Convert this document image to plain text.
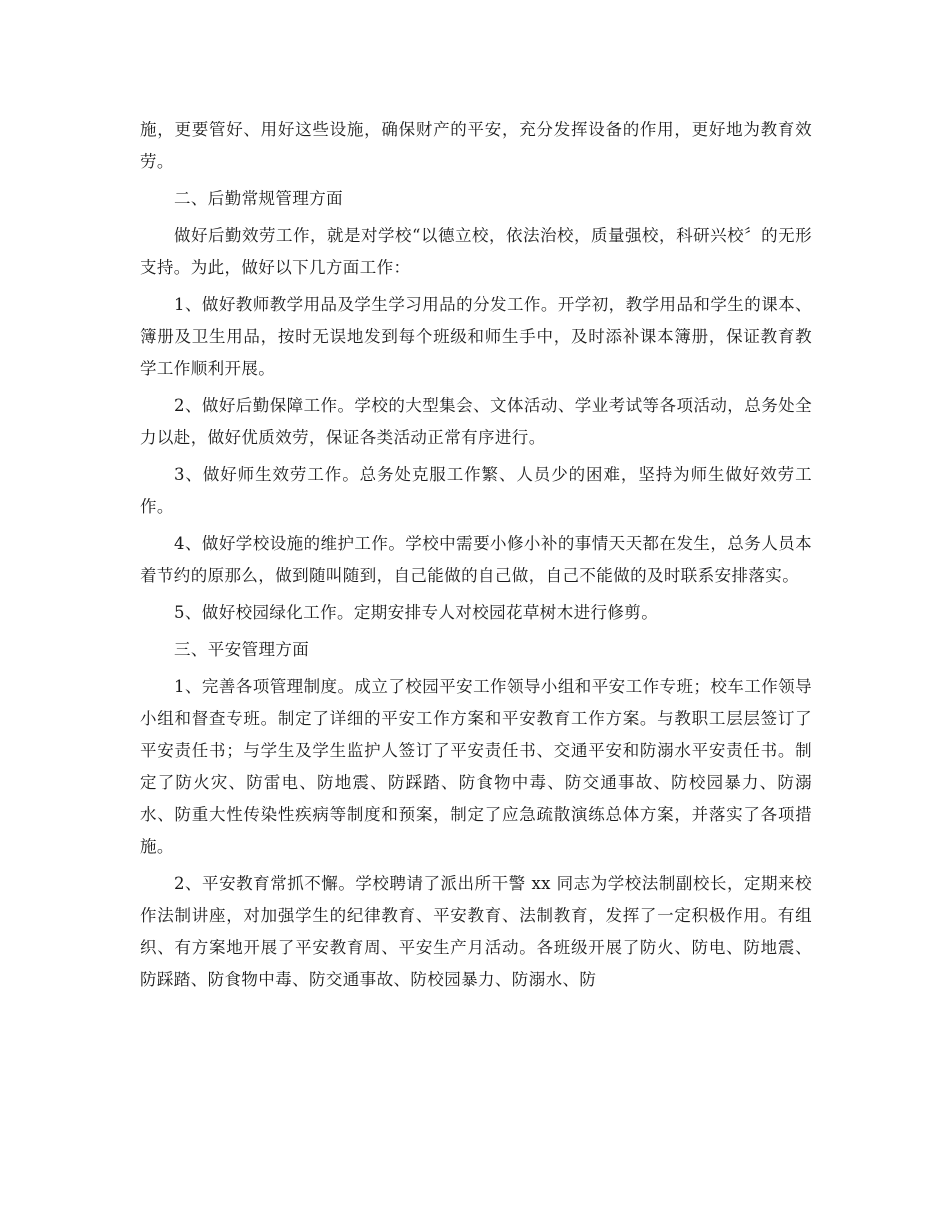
施，更要管好、用好这些设施，确保财产的平安，充分发挥设备的作用，更好地为教育效劳。

二、后勤常规管理方面

做好后勤效劳工作，就是对学校“以德立校，依法治校，质量强校，科研兴校〞的无形支持。为此，做好以下几方面工作：

1、做好教师教学用品及学生学习用品的分发工作。开学初，教学用品和学生的课本、簿册及卫生用品，按时无误地发到每个班级和师生手中，及时添补课本簿册，保证教育教学工作顺利开展。

2、做好后勤保障工作。学校的大型集会、文体活动、学业考试等各项活动，总务处全力以赴，做好优质效劳，保证各类活动正常有序进行。

3、做好师生效劳工作。总务处克服工作繁、人员少的困难，坚持为师生做好效劳工作。

4、做好学校设施的维护工作。学校中需要小修小补的事情天天都在发生，总务人员本着节约的原那么，做到随叫随到，自己能做的自己做，自己不能做的及时联系安排落实。

5、做好校园绿化工作。定期安排专人对校园花草树木进行修剪。

三、平安管理方面

1、完善各项管理制度。成立了校园平安工作领导小组和平安工作专班；校车工作领导小组和督查专班。制定了详细的平安工作方案和平安教育工作方案。与教职工层层签订了平安责任书；与学生及学生监护人签订了平安责任书、交通平安和防溺水平安责任书。制定了防火灾、防雷电、防地震、防踩踏、防食物中毒、防交通事故、防校园暴力、防溺水、防重大性传染性疾病等制度和预案，制定了应急疏散演练总体方案，并落实了各项措施。

2、平安教育常抓不懈。学校聘请了派出所干警 xx 同志为学校法制副校长，定期来校作法制讲座，对加强学生的纪律教育、平安教育、法制教育，发挥了一定积极作用。有组织、有方案地开展了平安教育周、平安生产月活动。各班级开展了防火、防电、防地震、防踩踏、防食物中毒、防交通事故、防校园暴力、防溺水、防
